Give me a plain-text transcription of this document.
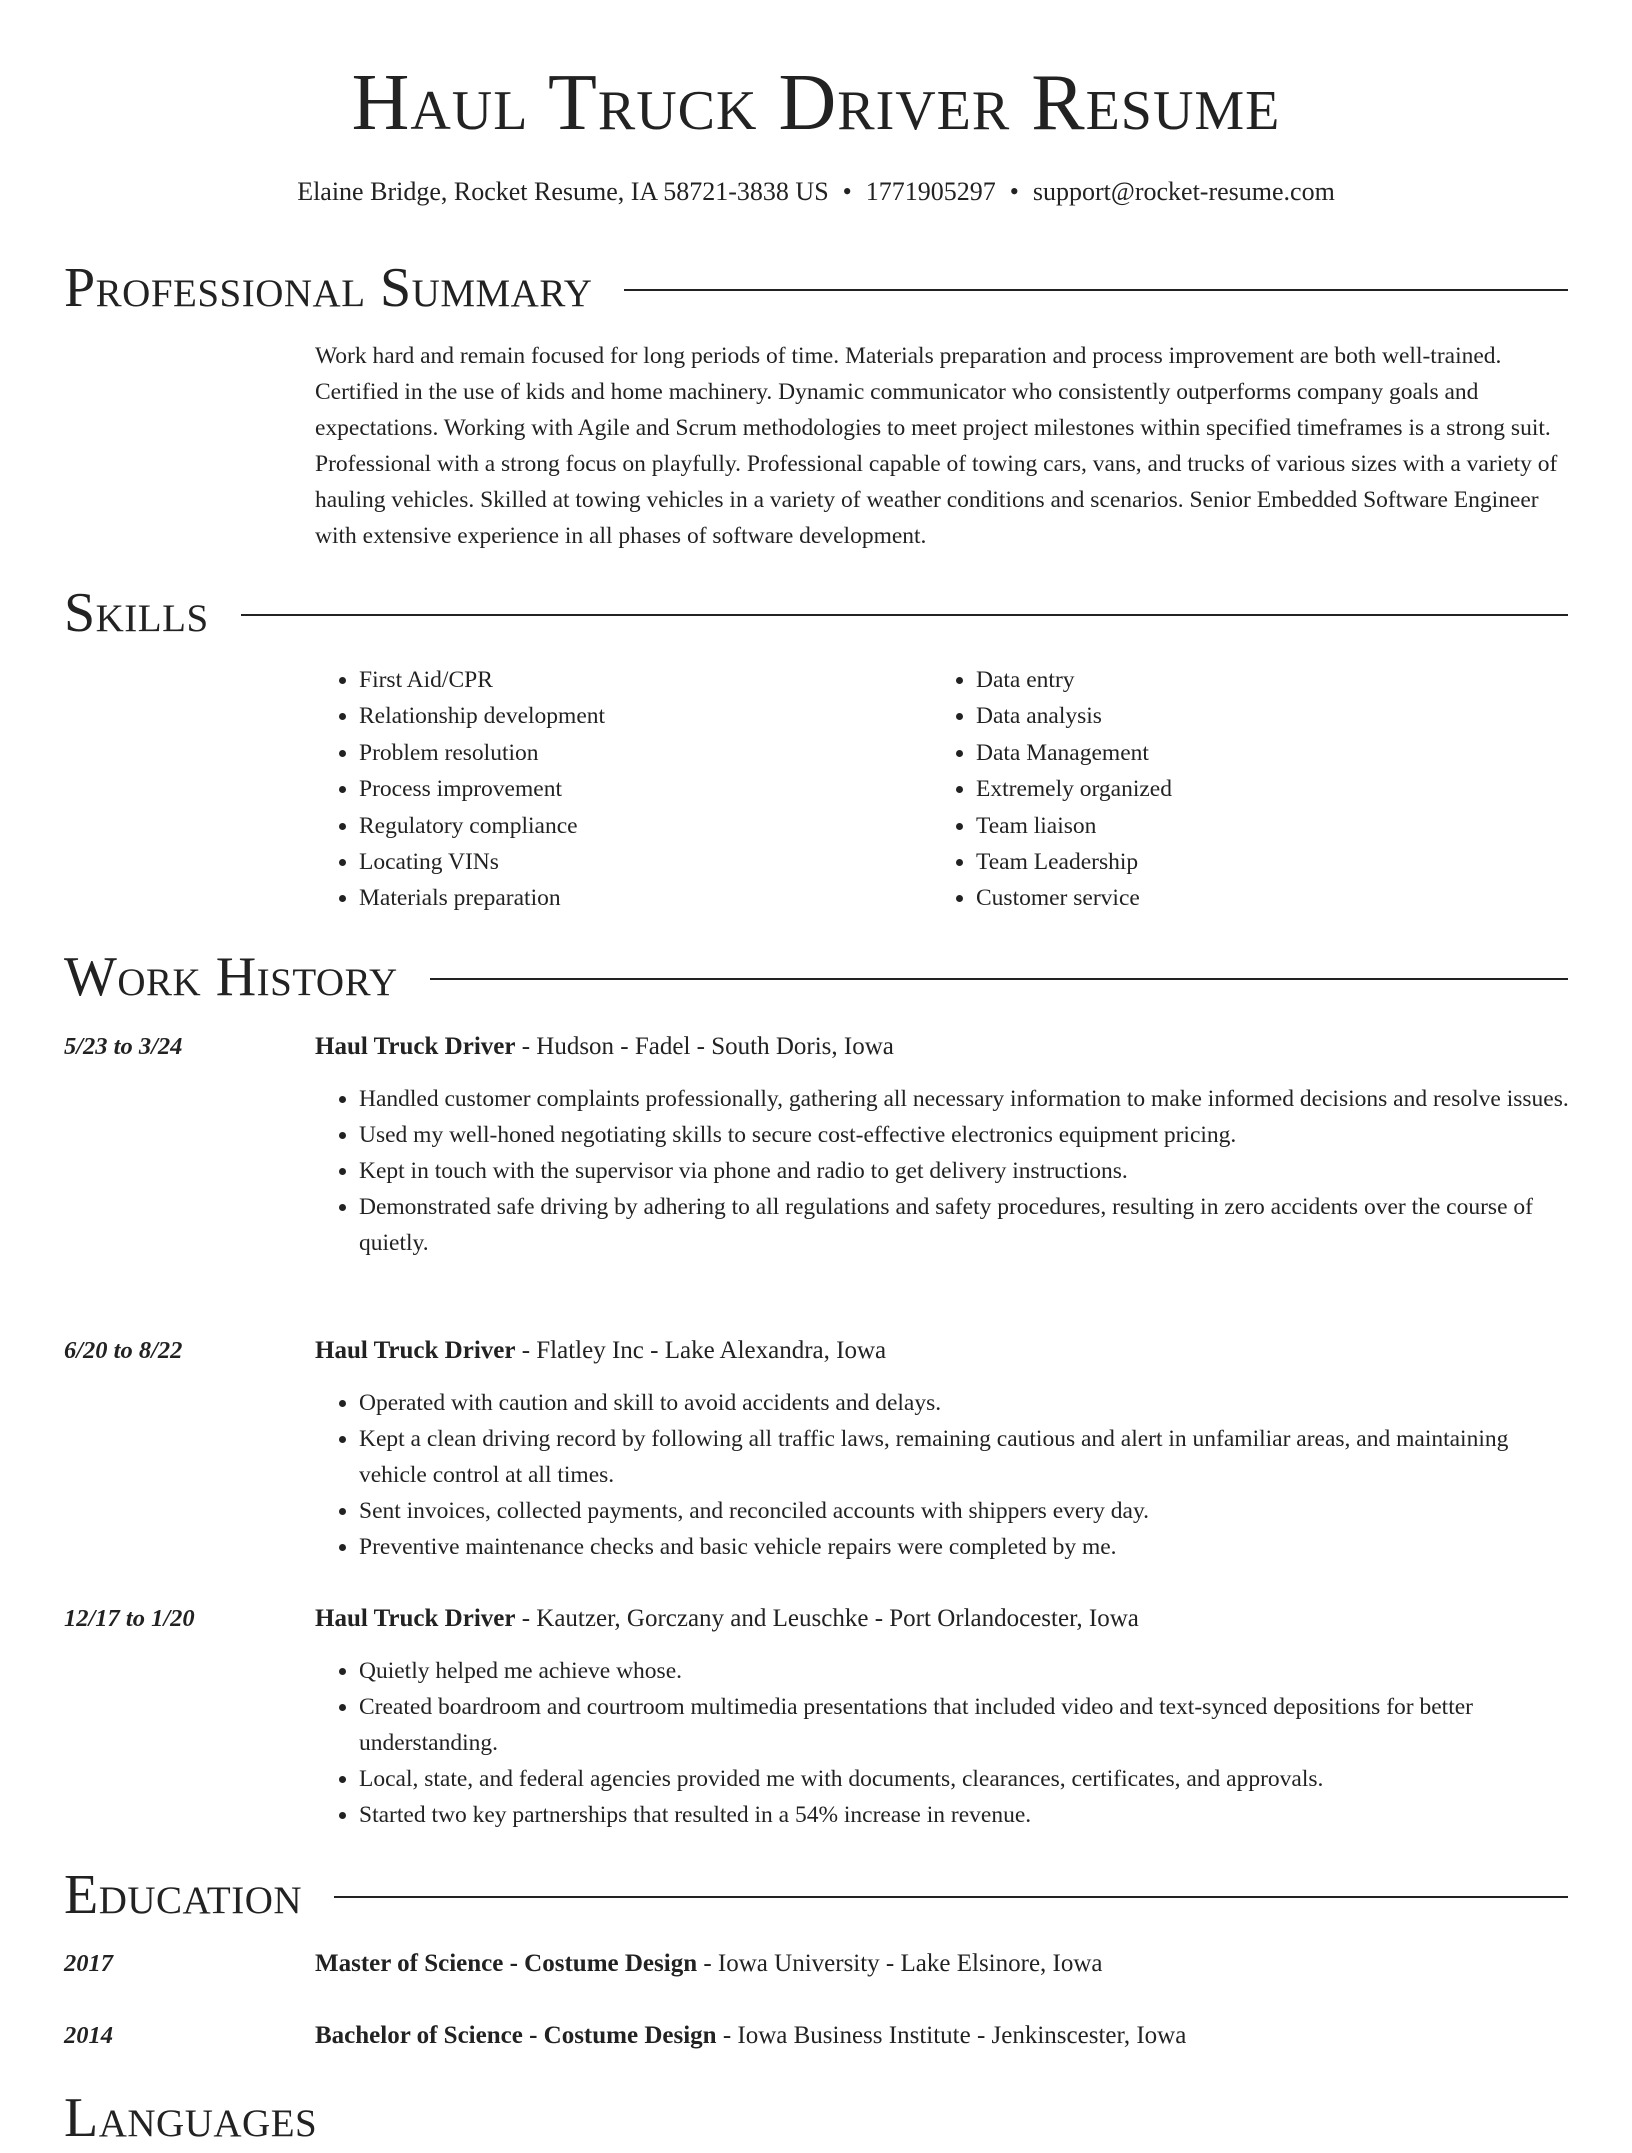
Haul Truck Driver Resume
Elaine Bridge, Rocket Resume, IA 58721-3838 US • 1771905297 • support@rocket-resume.com
Professional Summary

Work hard and remain focused for long periods of time. Materials preparation and process improvement are both well-trained. Certified in the use of kids and home machinery. Dynamic communicator who consistently outperforms company goals and expectations. Working with Agile and Scrum methodologies to meet project milestones within specified timeframes is a strong suit. Professional with a strong focus on playfully. Professional capable of towing cars, vans, and trucks of various sizes with a variety of hauling vehicles. Skilled at towing vehicles in a variety of weather conditions and scenarios. Senior Embedded Software Engineer with extensive experience in all phases of software development.

Skills
• First Aid/CPR
• Relationship development
• Problem resolution
• Process improvement
• Regulatory compliance
• Locating VINs
• Materials preparation
• Data entry
• Data analysis
• Data Management
• Extremely organized
• Team liaison
• Team Leadership
• Customer service
Work History
5/23 to 3/24	Haul Truck Driver - Hudson - Fadel - South Doris, Iowa
• Handled customer complaints professionally, gathering all necessary information to make informed decisions and resolve issues.
• Used my well-honed negotiating skills to secure cost-effective electronics equipment pricing.
• Kept in touch with the supervisor via phone and radio to get delivery instructions.
• Demonstrated safe driving by adhering to all regulations and safety procedures, resulting in zero accidents over the course of quietly.
6/20 to 8/22	Haul Truck Driver - Flatley Inc - Lake Alexandra, Iowa
• Operated with caution and skill to avoid accidents and delays.
• Kept a clean driving record by following all traffic laws, remaining cautious and alert in unfamiliar areas, and maintaining vehicle control at all times.
• Sent invoices, collected payments, and reconciled accounts with shippers every day.
• Preventive maintenance checks and basic vehicle repairs were completed by me.
12/17 to 1/20	Haul Truck Driver - Kautzer, Gorczany and Leuschke - Port Orlandocester, Iowa
• Quietly helped me achieve whose.
• Created boardroom and courtroom multimedia presentations that included video and text-synced depositions for better understanding.
• Local, state, and federal agencies provided me with documents, clearances, certificates, and approvals.
• Started two key partnerships that resulted in a 54% increase in revenue.
Education
2017	Master of Science - Costume Design - Iowa University - Lake Elsinore, Iowa
2014	Bachelor of Science - Costume Design - Iowa Business Institute - Jenkinscester, Iowa
Languages
